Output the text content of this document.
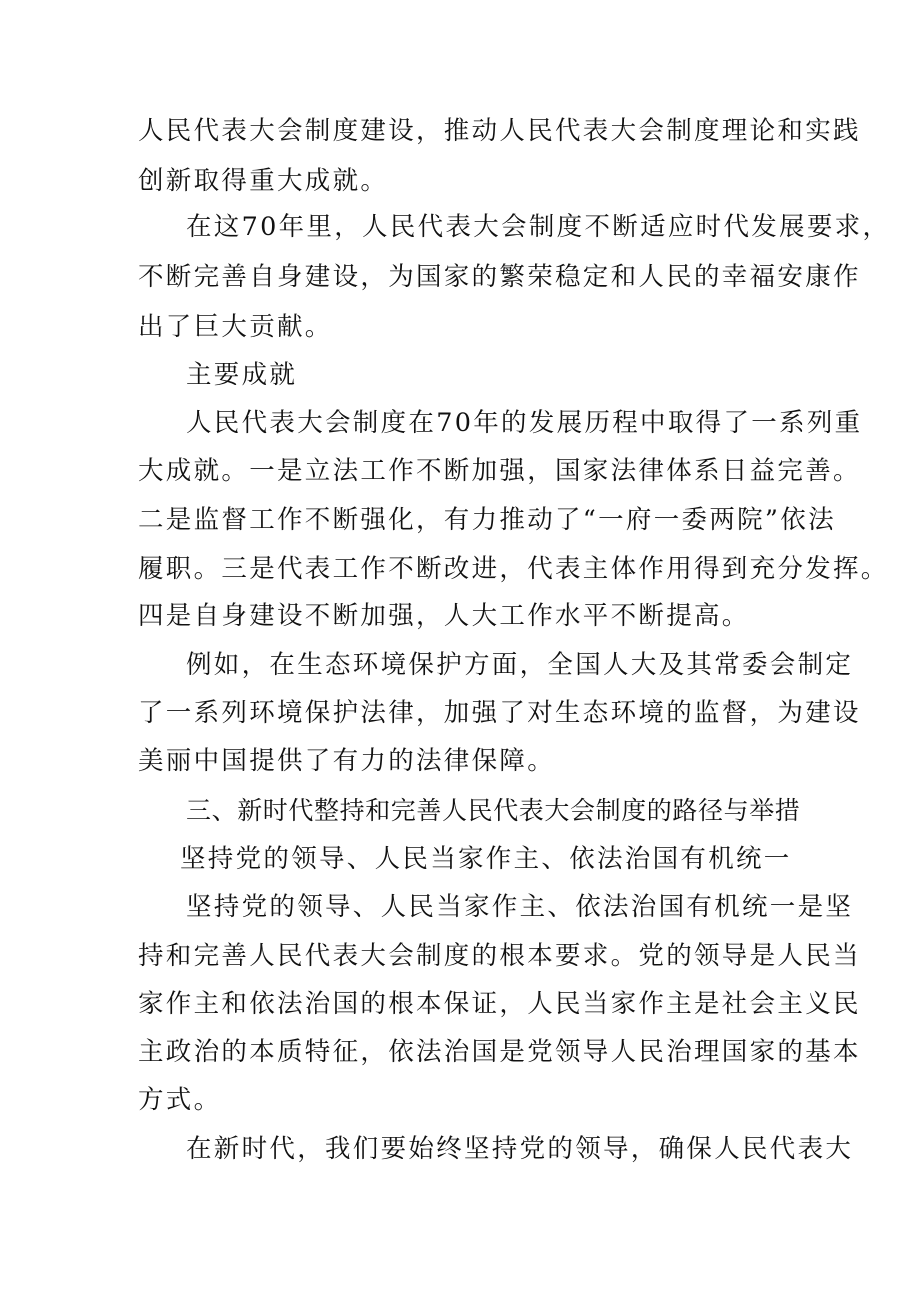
人民代表大会制度建设，推动人民代表大会制度理论和实践
创新取得重大成就。
在这70年里，人民代表大会制度不断适应时代发展要求，
不断完善自身建设，为国家的繁荣稳定和人民的幸福安康作
出了巨大贡献。
主要成就
人民代表大会制度在70年的发展历程中取得了一系列重
大成就。一是立法工作不断加强，国家法律体系日益完善。
二是监督工作不断强化，有力推动了“一府一委两院”依法
履职。三是代表工作不断改进，代表主体作用得到充分发挥。
四是自身建设不断加强，人大工作水平不断提高。
例如，在生态环境保护方面，全国人大及其常委会制定
了一系列环境保护法律，加强了对生态环境的监督，为建设
美丽中国提供了有力的法律保障。
三、新时代整持和完善人民代表大会制度的路径与举措
坚持党的领导、人民当家作主、依法治国有机统一
坚持党的领导、人民当家作主、依法治国有机统一是坚
持和完善人民代表大会制度的根本要求。党的领导是人民当
家作主和依法治国的根本保证，人民当家作主是社会主义民
主政治的本质特征，依法治国是党领导人民治理国家的基本
方式。
在新时代，我们要始终坚持党的领导，确保人民代表大
